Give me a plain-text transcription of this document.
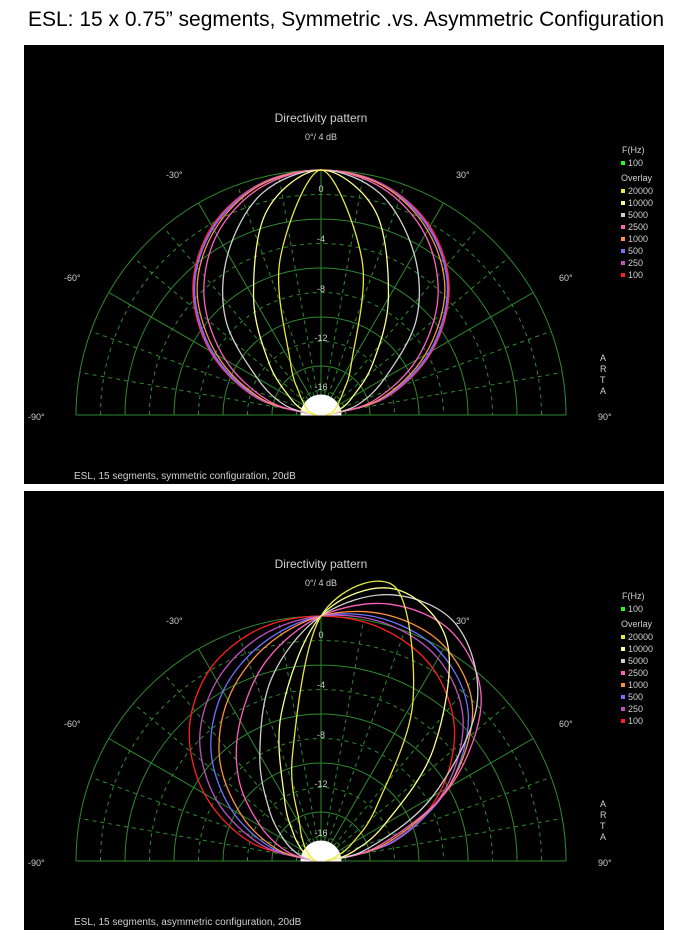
ESL: 15 x 0.75” segments, Symmetric .vs. Asymmetric Configuration
Directivity pattern
0°/ 4 dB
-90°
-60°
-30°	30°
60°
90°
0
-4
-8
-12
-16
A R T A
F(Hz)
100
Overlay
20000
10000
5000
2500
1000
500
250
100
ESL, 15 segments, symmetric configuration, 20dB
Directivity pattern
0°/ 4 dB
-90°
-60°
-30°	30°
60°
90°
0
-4
-8
-12
-16
A R T A
F(Hz)
100
Overlay
20000
10000
5000
2500
1000
500
250
100
ESL, 15 segments, asymmetric configuration, 20dB
